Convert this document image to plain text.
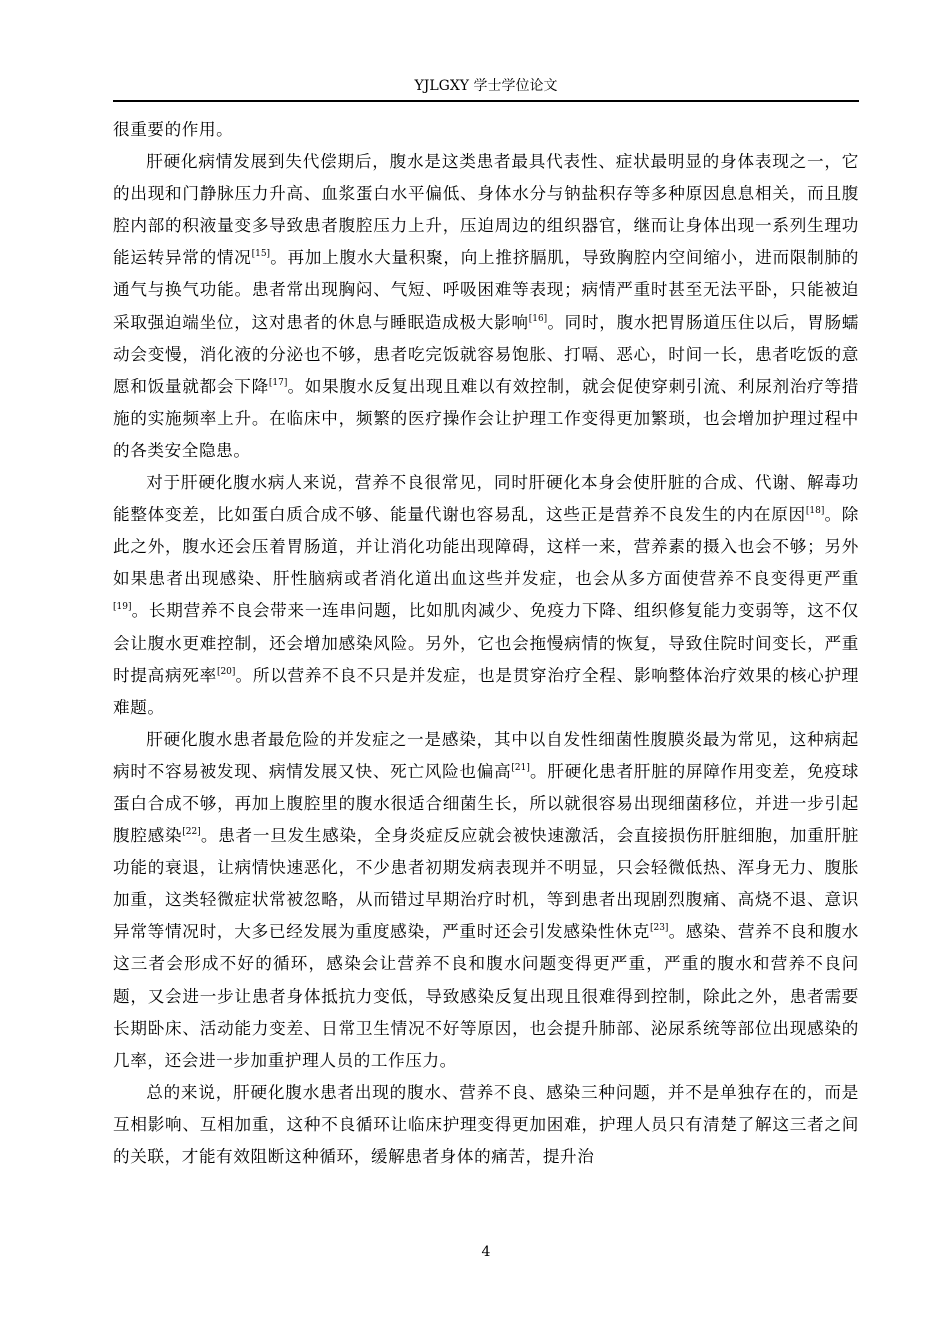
YJLGXY 学士学位论文

很重要的作用。

肝硬化病情发展到失代偿期后，腹水是这类患者最具代表性、症状最明显的身体表现之一，它的出现和门静脉压力升高、血浆蛋白水平偏低、身体水分与钠盐积存等多种原因息息相关，而且腹腔内部的积液量变多导致患者腹腔压力上升，压迫周边的组织器官，继而让身体出现一系列生理功能运转异常的情况[15]。再加上腹水大量积聚，向上推挤膈肌，导致胸腔内空间缩小，进而限制肺的通气与换气功能。患者常出现胸闷、气短、呼吸困难等表现；病情严重时甚至无法平卧，只能被迫采取强迫端坐位，这对患者的休息与睡眠造成极大影响[16]。同时，腹水把胃肠道压住以后，胃肠蠕动会变慢，消化液的分泌也不够，患者吃完饭就容易饱胀、打嗝、恶心，时间一长，患者吃饭的意愿和饭量就都会下降[17]。如果腹水反复出现且难以有效控制，就会促使穿刺引流、利尿剂治疗等措施的实施频率上升。在临床中，频繁的医疗操作会让护理工作变得更加繁琐，也会增加护理过程中的各类安全隐患。

对于肝硬化腹水病人来说，营养不良很常见，同时肝硬化本身会使肝脏的合成、代谢、解毒功能整体变差，比如蛋白质合成不够、能量代谢也容易乱，这些正是营养不良发生的内在原因[18]。除此之外，腹水还会压着胃肠道，并让消化功能出现障碍，这样一来，营养素的摄入也会不够；另外如果患者出现感染、肝性脑病或者消化道出血这些并发症，也会从多方面使营养不良变得更严重[19]。长期营养不良会带来一连串问题，比如肌肉减少、免疫力下降、组织修复能力变弱等，这不仅会让腹水更难控制，还会增加感染风险。另外，它也会拖慢病情的恢复，导致住院时间变长，严重时提高病死率[20]。所以营养不良不只是并发症，也是贯穿治疗全程、影响整体治疗效果的核心护理难题。

肝硬化腹水患者最危险的并发症之一是感染，其中以自发性细菌性腹膜炎最为常见，这种病起病时不容易被发现、病情发展又快、死亡风险也偏高[21]。肝硬化患者肝脏的屏障作用变差，免疫球蛋白合成不够，再加上腹腔里的腹水很适合细菌生长，所以就很容易出现细菌移位，并进一步引起腹腔感染[22]。患者一旦发生感染，全身炎症反应就会被快速激活，会直接损伤肝脏细胞，加重肝脏功能的衰退，让病情快速恶化，不少患者初期发病表现并不明显，只会轻微低热、浑身无力、腹胀加重，这类轻微症状常被忽略，从而错过早期治疗时机，等到患者出现剧烈腹痛、高烧不退、意识异常等情况时，大多已经发展为重度感染，严重时还会引发感染性休克[23]。感染、营养不良和腹水这三者会形成不好的循环，感染会让营养不良和腹水问题变得更严重，严重的腹水和营养不良问题，又会进一步让患者身体抵抗力变低，导致感染反复出现且很难得到控制，除此之外，患者需要长期卧床、活动能力变差、日常卫生情况不好等原因，也会提升肺部、泌尿系统等部位出现感染的几率，还会进一步加重护理人员的工作压力。

总的来说，肝硬化腹水患者出现的腹水、营养不良、感染三种问题，并不是单独存在的，而是互相影响、互相加重，这种不良循环让临床护理变得更加困难，护理人员只有清楚了解这三者之间的关联，才能有效阻断这种循环，缓解患者身体的痛苦，提升治

4
